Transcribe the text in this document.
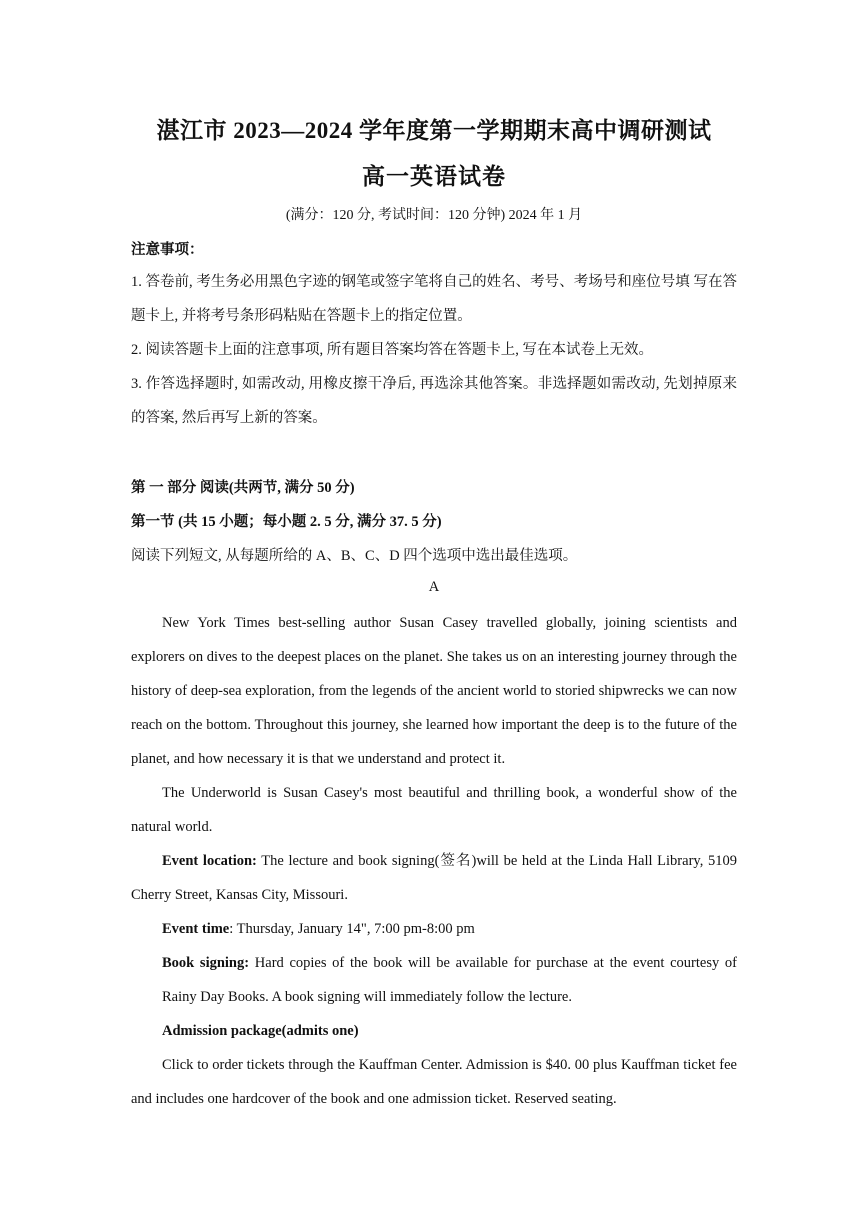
湛江市 2023—2024 学年度第一学期期末高中调研测试
高一英语试卷
(满分：120 分, 考试时间：120 分钟) 2024 年 1 月
注意事项：
1. 答卷前, 考生务必用黑色字迹的钢笔或签字笔将自己的姓名、考号、考场号和座位号填 写在答题卡上, 并将考号条形码粘贴在答题卡上的指定位置。
2. 阅读答题卡上面的注意事项, 所有题目答案均答在答题卡上, 写在本试卷上无效。
3. 作答选择题时, 如需改动, 用橡皮擦干净后, 再选涂其他答案。非选择题如需改动, 先划掉原来的答案, 然后再写上新的答案。
第 一 部分 阅读(共两节, 满分 50 分)
第一节 (共 15 小题；每小题 2. 5 分, 满分 37. 5 分)
阅读下列短文, 从每题所给的 A、B、C、D 四个选项中选出最佳选项。
A
New York Times best-selling author Susan Casey travelled globally, joining scientists and explorers on dives to the deepest places on the planet. She takes us on an interesting journey through the history of deep-sea exploration, from the legends of the ancient world to storied shipwrecks we can now reach on the bottom. Throughout this journey, she learned how important the deep is to the future of the planet, and how necessary it is that we understand and protect it.
The Underworld is Susan Casey's most beautiful and thrilling book, a wonderful show of the natural world.
Event location: The lecture and book signing(签名)will be held at the Linda Hall Library, 5109 Cherry Street, Kansas City, Missouri.
Event time: Thursday, January 14", 7:00 pm-8:00 pm
Book signing: Hard copies of the book will be available for purchase at the event courtesy of Rainy Day Books. A book signing will immediately follow the lecture.
Admission package(admits one)
Click to order tickets through the Kauffman Center. Admission is $40. 00 plus Kauffman ticket fee and includes one hardcover of the book and one admission ticket. Reserved seating.
